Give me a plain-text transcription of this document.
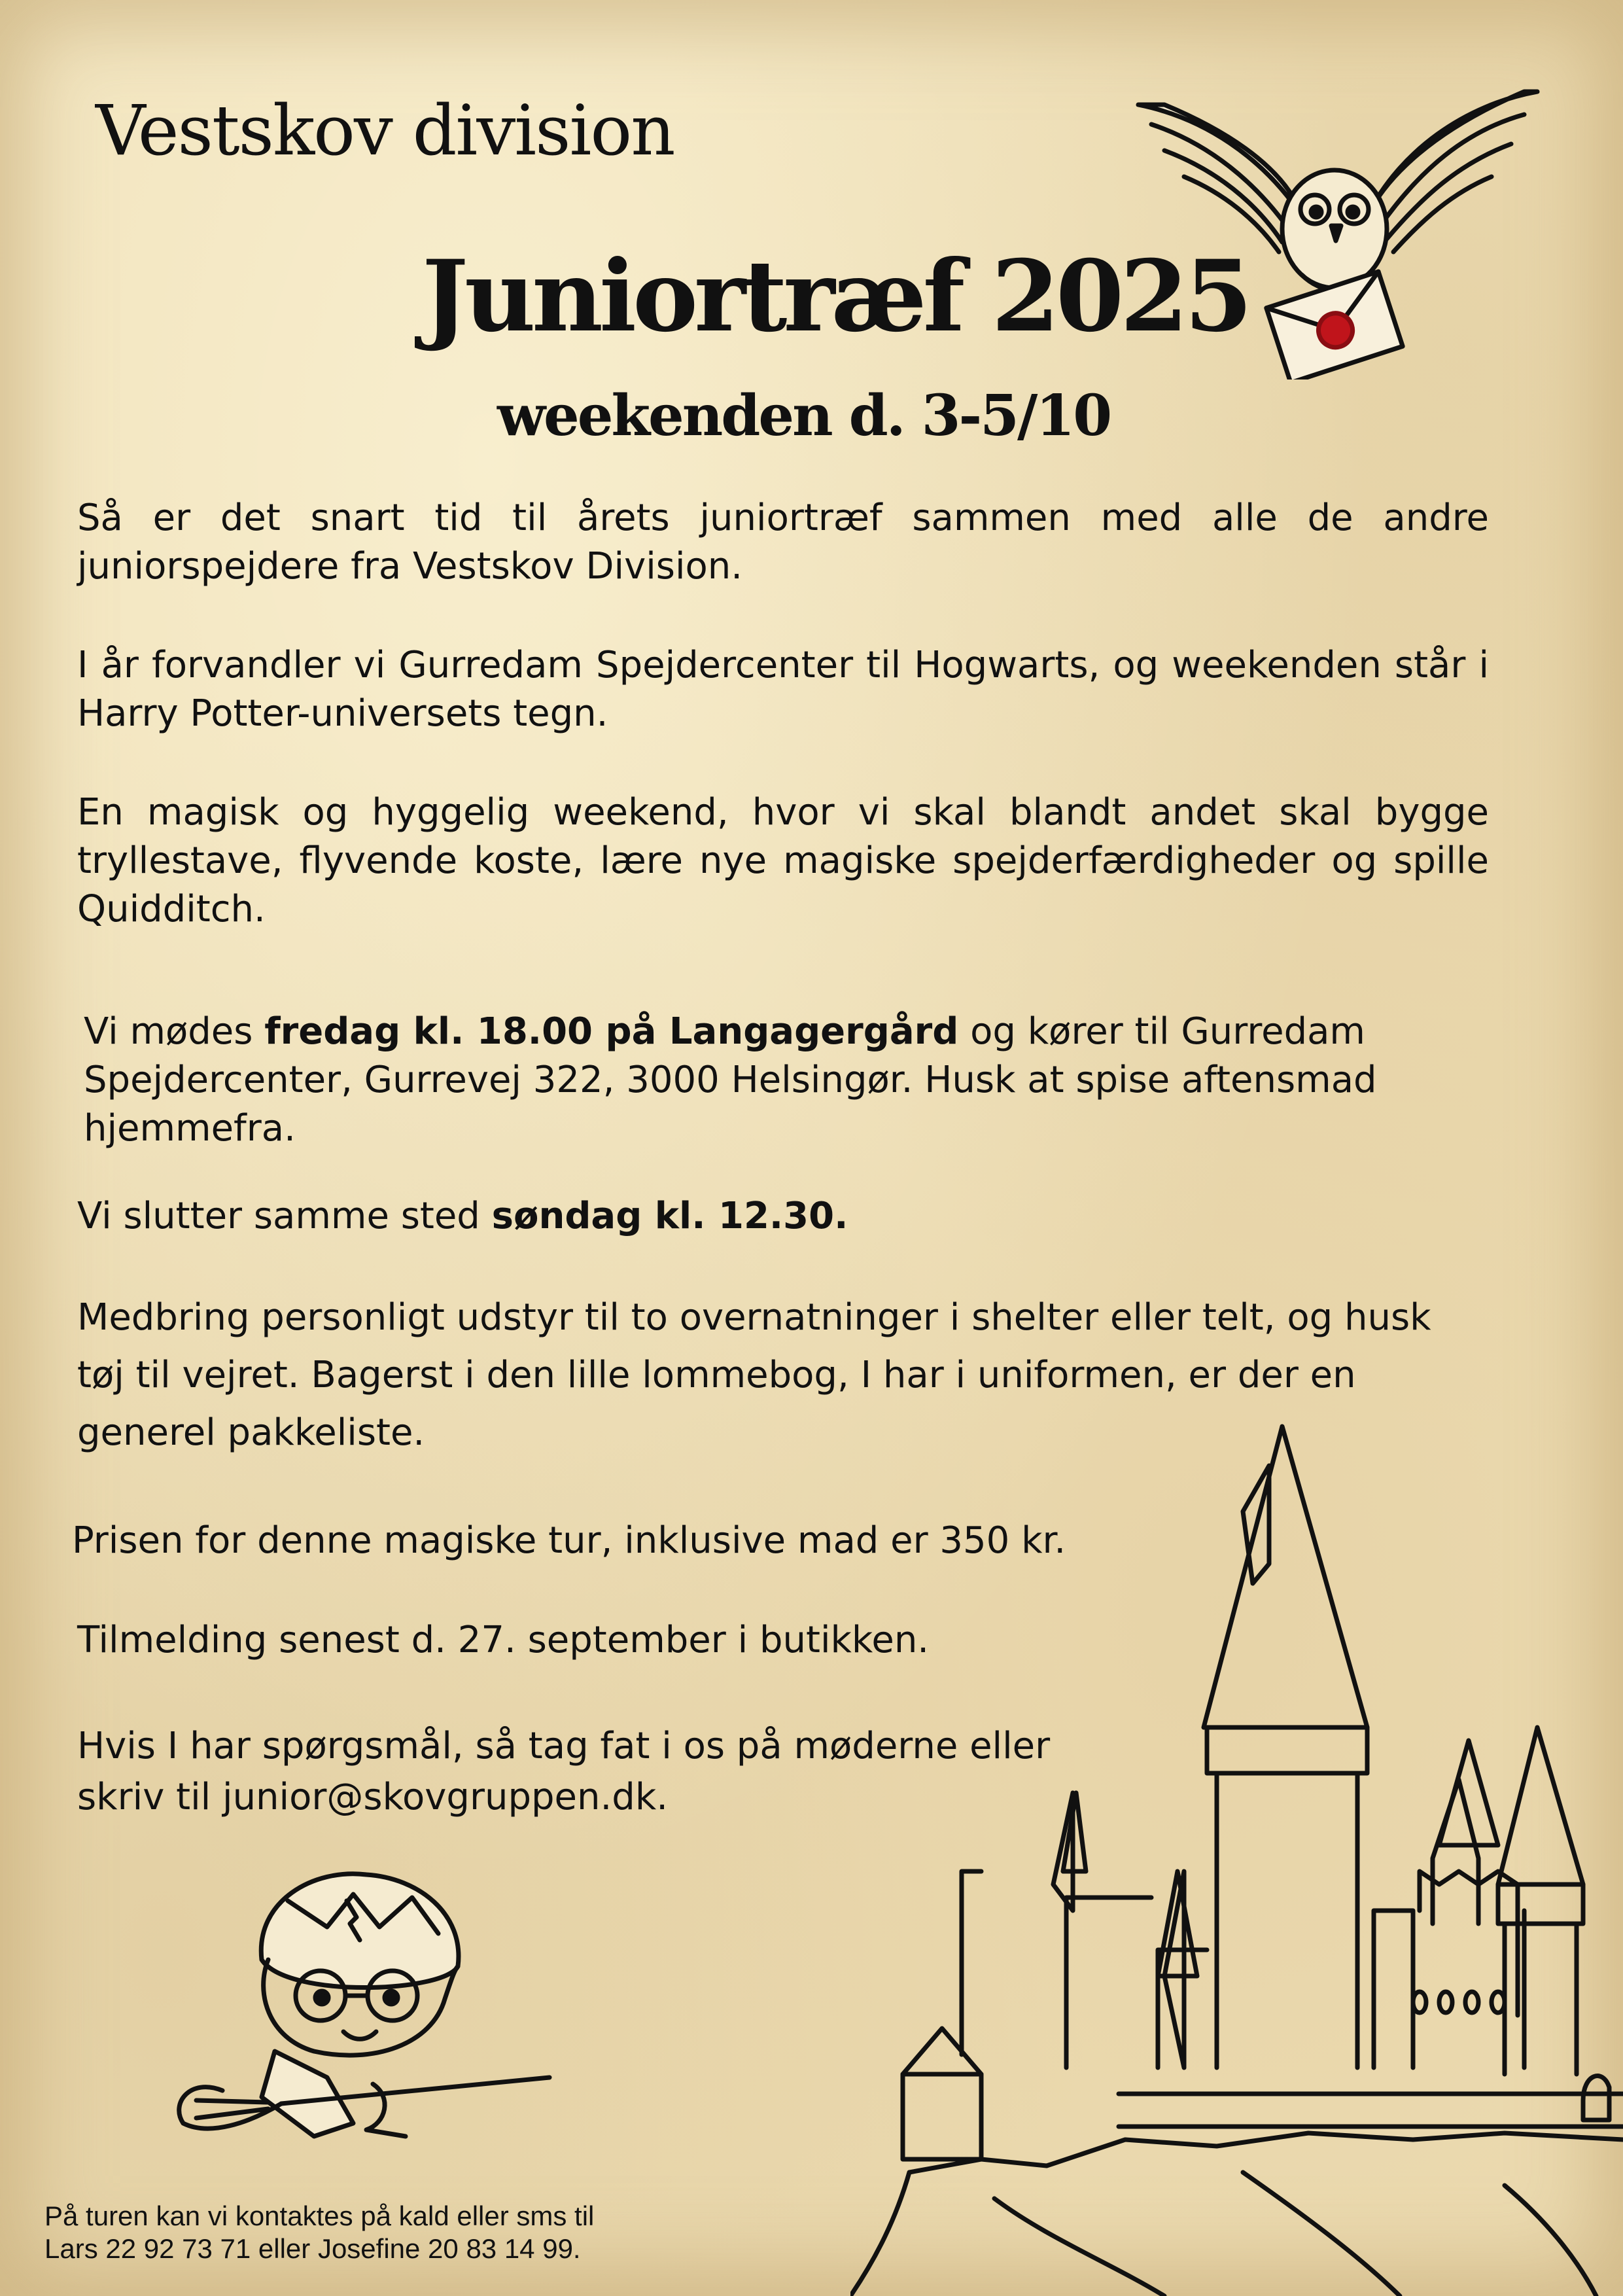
Vestskov division
Juniortræf 2025
weekenden d. 3-5/10
Så er det snart tid til årets juniortræf sammen med alle de andre juniorspejdere fra Vestskov Division.
I år forvandler vi Gurredam Spejdercenter til Hogwarts, og weekenden står i Harry Potter-universets tegn.
En magisk og hyggelig weekend, hvor vi skal blandt andet skal bygge tryllestave, flyvende koste, lære nye magiske spejderfærdigheder og spille Quidditch.
Vi mødes fredag kl. 18.00 på Langagergård og kører til Gurredam Spejdercenter, Gurrevej 322, 3000 Helsingør. Husk at spise aftensmad hjemmefra.
Vi slutter samme sted søndag kl. 12.30.
Medbring personligt udstyr til to overnatninger i shelter eller telt, og husk tøj til vejret. Bagerst i den lille lommebog, I har i uniformen, er der en generel pakkeliste.
Prisen for denne magiske tur, inklusive mad er 350 kr.
Tilmelding senest d. 27. september i butikken.
Hvis I har spørgsmål, så tag fat i os på møderne eller skriv til junior@skovgruppen.dk.
På turen kan vi kontaktes på kald eller sms til
Lars 22 92 73 71 eller Josefine 20 83 14 99.
